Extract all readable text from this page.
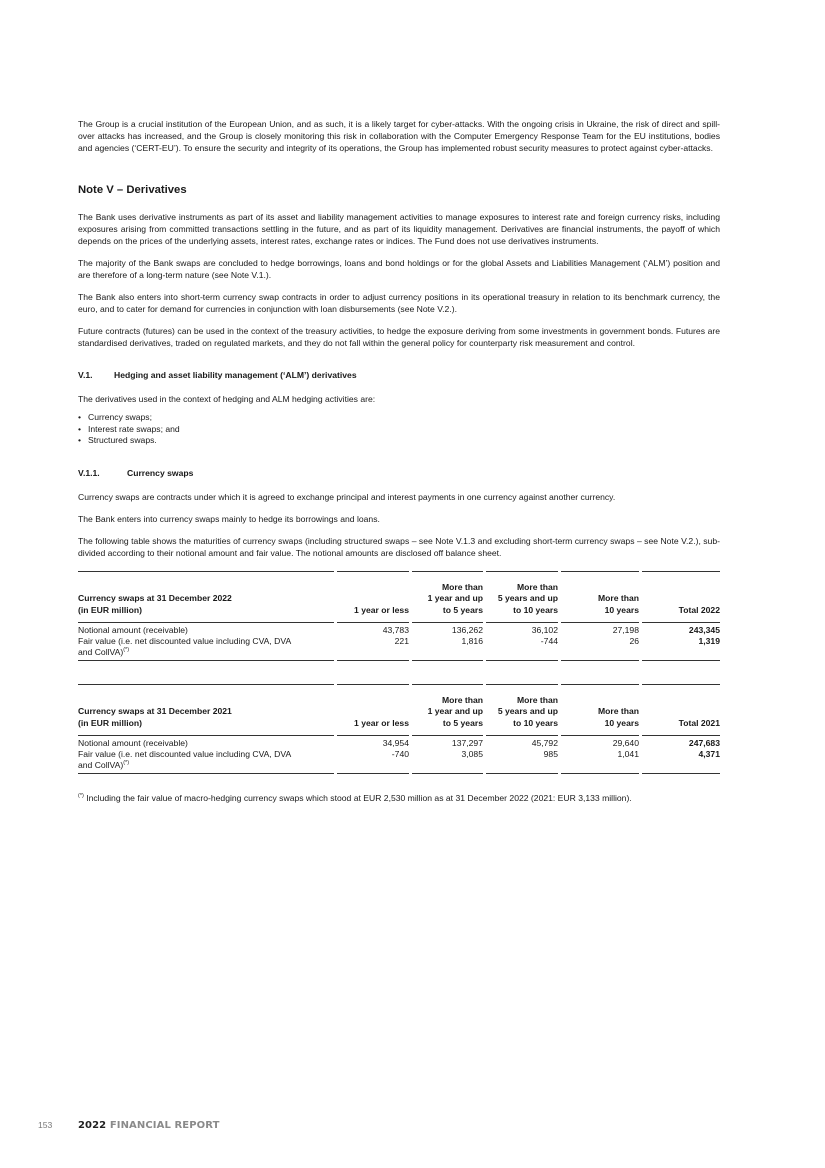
The Group is a crucial institution of the European Union, and as such, it is a likely target for cyber-attacks. With the ongoing crisis in Ukraine, the risk of direct and spill-over attacks has increased, and the Group is closely monitoring this risk in collaboration with the Computer Emergency Response Team for the EU institutions, bodies and agencies (‘CERT-EU’). To ensure the security and integrity of its operations, the Group has implemented robust security measures to protect against cyber-attacks.

Note V – Derivatives

The Bank uses derivative instruments as part of its asset and liability management activities to manage exposures to interest rate and foreign currency risks, including exposures arising from committed transactions settling in the future, and as part of its liquidity management. Derivatives are financial instruments, the payoff of which depends on the prices of the underlying assets, interest rates, exchange rates or indices. The Fund does not use derivatives instruments.

The majority of the Bank swaps are concluded to hedge borrowings, loans and bond holdings or for the global Assets and Liabilities Management (‘ALM’) position and are therefore of a long-term nature (see Note V.1.).

The Bank also enters into short-term currency swap contracts in order to adjust currency positions in its operational treasury in relation to its benchmark currency, the euro, and to cater for demand for currencies in conjunction with loan disbursements (see Note V.2.).

Future contracts (futures) can be used in the context of the treasury activities, to hedge the exposure deriving from some investments in government bonds. Futures are standardised derivatives, traded on regulated markets, and they do not fall within the general policy for counterparty risk measurement and control.

V.1.	Hedging and asset liability management (‘ALM’) derivatives

The derivatives used in the context of hedging and ALM hedging activities are:

• Currency swaps;
• Interest rate swaps; and
• Structured swaps.
V.1.1.	Currency swaps

Currency swaps are contracts under which it is agreed to exchange principal and interest payments in one currency against another currency.

The Bank enters into currency swaps mainly to hedge its borrowings and loans.

The following table shows the maturities of currency swaps (including structured swaps – see Note V.1.3 and excluding short-term currency swaps – see Note V.2.), sub-divided according to their notional amount and fair value. The notional amounts are disclosed off balance sheet.

Currency swaps at 31 December 2022
(in EUR million)		1 year or less		More than
1 year and up
to 5 years		More than
5 years and up
to 10 years		More than
10 years		Total 2022
Notional amount (receivable)		43,783		136,262		36,102		27,198		243,345
Fair value (i.e. net discounted value including CVA, DVA
and CollVA)(*)		221		1,816		-744		26		1,319
Currency swaps at 31 December 2021
(in EUR million)		1 year or less		More than
1 year and up
to 5 years		More than
5 years and up
to 10 years		More than
10 years		Total 2021
Notional amount (receivable)		34,954		137,297		45,792		29,640		247,683
Fair value (i.e. net discounted value including CVA, DVA
and CollVA)(*)		-740		3,085		985		1,041		4,371

(*) Including the fair value of macro-hedging currency swaps which stood at EUR 2,530 million as at 31 December 2022 (2021: EUR 3,133 million).

153	2022 FINANCIAL REPORT
